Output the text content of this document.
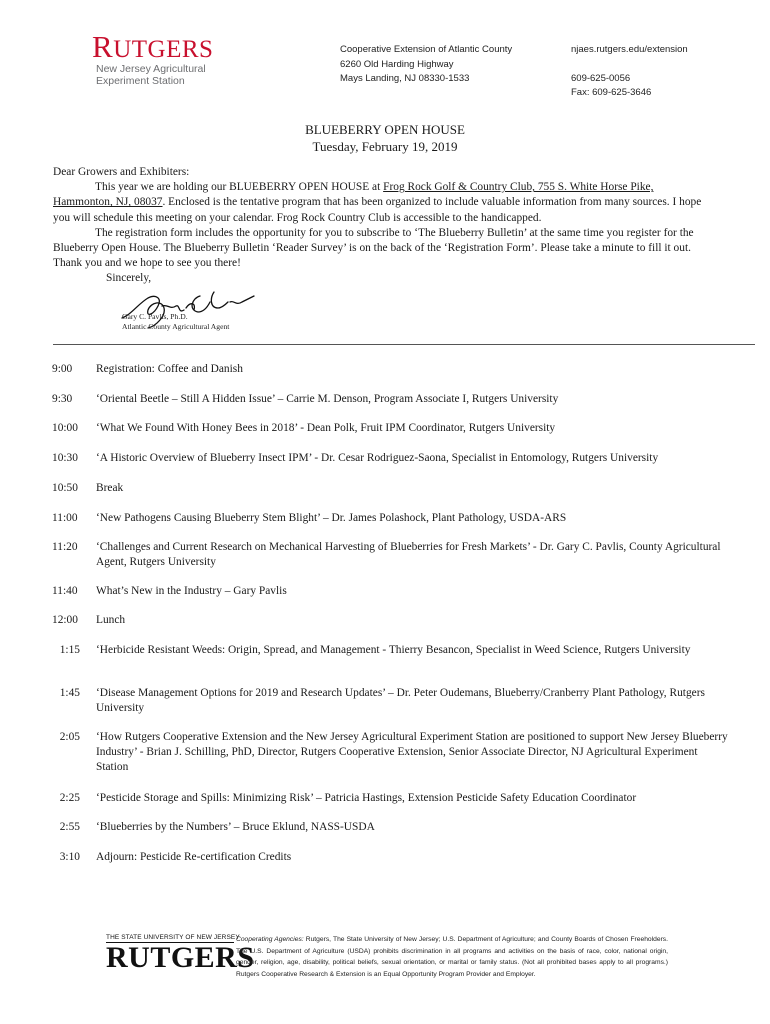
RUTGERS
New Jersey Agricultural
Experiment Station
Cooperative Extension of Atlantic County
6260 Old Harding Highway
Mays Landing, NJ 08330-1533
njaes.rutgers.edu/extension
609-625-0056
Fax: 609-625-3646
BLUEBERRY OPEN HOUSE
Tuesday, February 19, 2019

Dear Growers and Exhibiters:

This year we are holding our BLUEBERRY OPEN HOUSE at Frog Rock Golf & Country Club, 755 S. White Horse Pike, Hammonton, NJ, 08037. Enclosed is the tentative program that has been organized to include valuable information from many sources. I hope you will schedule this meeting on your calendar. Frog Rock Country Club is accessible to the handicapped.

The registration form includes the opportunity for you to subscribe to ‘The Blueberry Bulletin’ at the same time you register for the Blueberry Open House. The Blueberry Bulletin ‘Reader Survey’ is on the back of the ‘Registration Form’. Please take a minute to fill it out. Thank you and we hope to see you there!

Sincerely,

Gary C. Pavlis, Ph.D.
Atlantic County Agricultural Agent
9:00	Registration: Coffee and Danish
9:30	‘Oriental Beetle – Still A Hidden Issue’ – Carrie M. Denson, Program Associate I, Rutgers University
10:00	‘What We Found With Honey Bees in 2018’ - Dean Polk, Fruit IPM Coordinator, Rutgers University
10:30	‘A Historic Overview of Blueberry Insect IPM’ - Dr. Cesar Rodriguez-Saona, Specialist in Entomology, Rutgers University
10:50	Break
11:00	‘New Pathogens Causing Blueberry Stem Blight’ – Dr. James Polashock, Plant Pathology, USDA-ARS
11:20	‘Challenges and Current Research on Mechanical Harvesting of Blueberries for Fresh Markets’ - Dr. Gary C. Pavlis, County Agricultural Agent, Rutgers University
11:40	What’s New in the Industry – Gary Pavlis
12:00	Lunch
1:15 ‘Herbicide Resistant Weeds: Origin, Spread, and Management - Thierry Besancon, Specialist in Weed Science, Rutgers University
1:45 ‘Disease Management Options for 2019 and Research Updates’ – Dr. Peter Oudemans, Blueberry/Cranberry Plant Pathology, Rutgers University
2:05 ‘How Rutgers Cooperative Extension and the New Jersey Agricultural Experiment Station are positioned to support New Jersey Blueberry Industry’ - Brian J. Schilling, PhD, Director, Rutgers Cooperative Extension, Senior Associate Director, NJ Agricultural Experiment Station
2:25 ‘Pesticide Storage and Spills: Minimizing Risk’ – Patricia Hastings, Extension Pesticide Safety Education Coordinator
2:55 ‘Blueberries by the Numbers’ – Bruce Eklund, NASS-USDA
3:10 Adjourn: Pesticide Re-certification Credits
THE STATE UNIVERSITY OF NEW JERSEY
RUTGERS
Cooperating Agencies: Rutgers, The State University of New Jersey; U.S. Department of Agriculture; and County Boards of Chosen Freeholders. The U.S. Department of Agriculture (USDA) prohibits discrimination in all programs and activities on the basis of race, color, national origin, gender, religion, age, disability, political beliefs, sexual orientation, or marital or family status. (Not all prohibited bases apply to all programs.) Rutgers Cooperative Research & Extension is an Equal Opportunity Program Provider and Employer.
